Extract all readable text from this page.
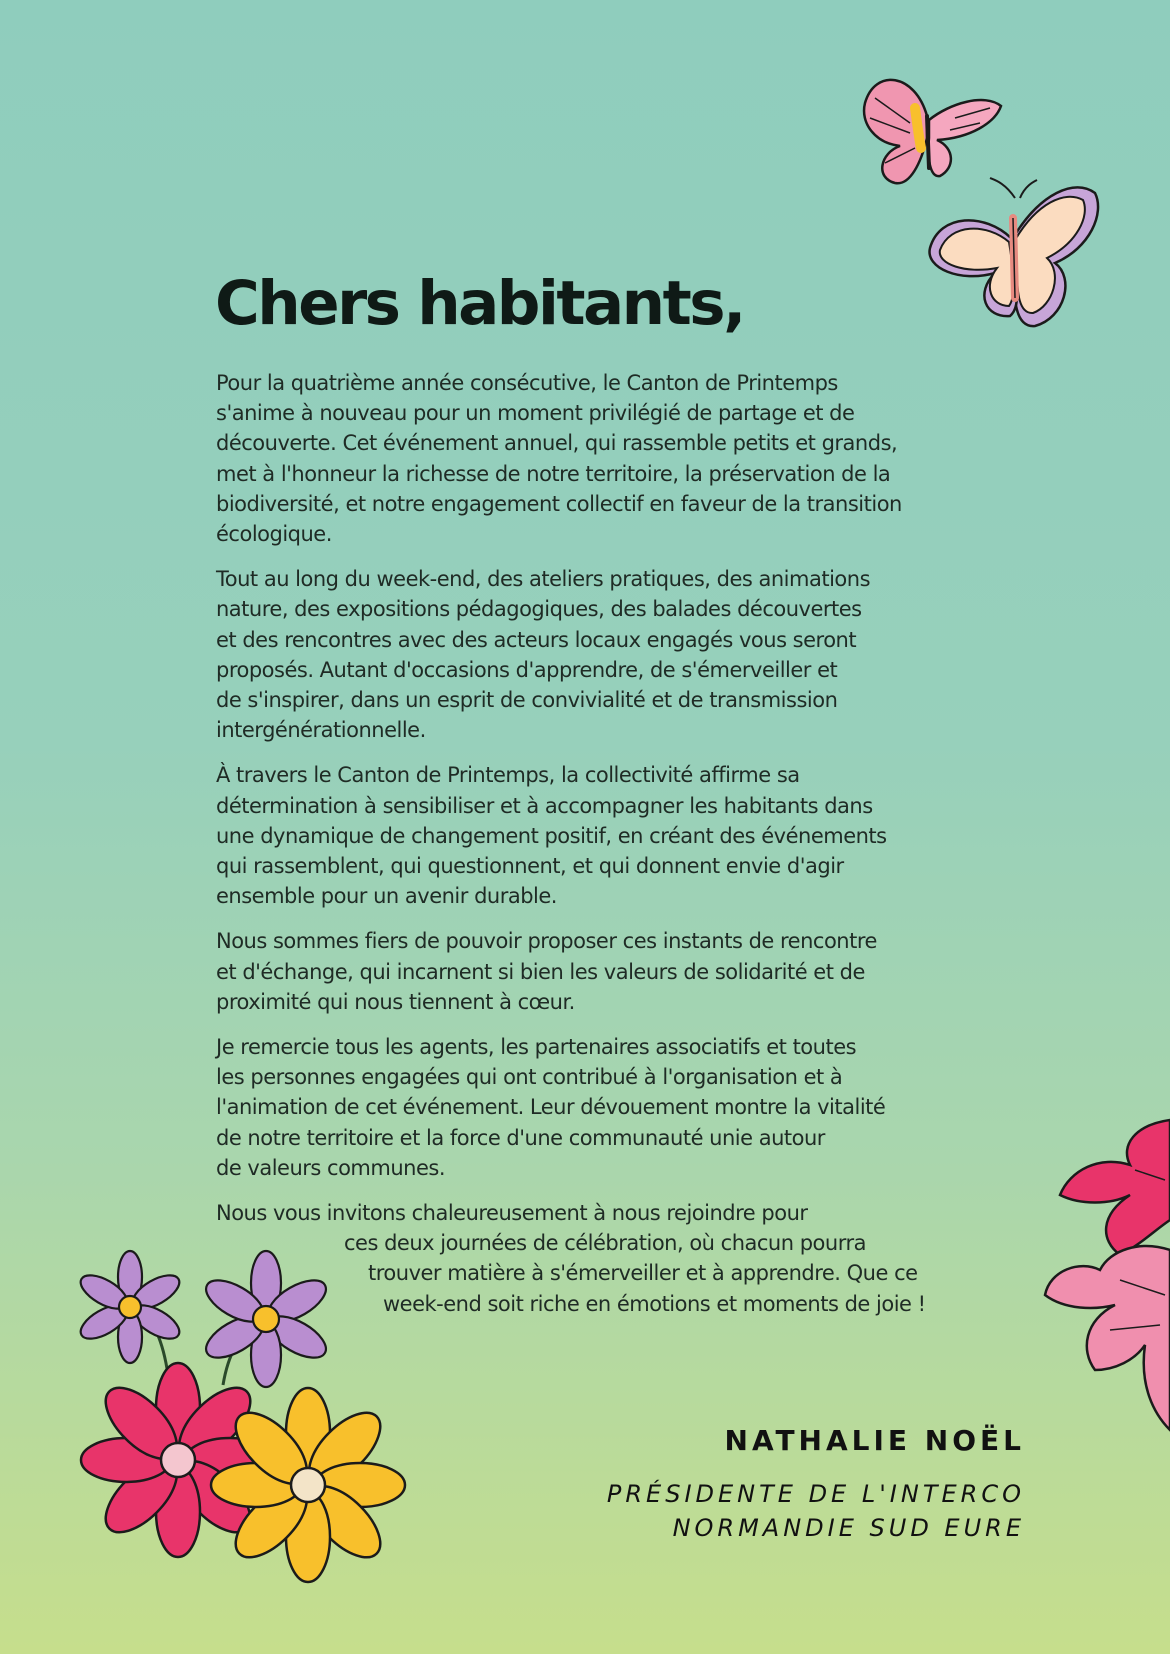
Chers habitants,

Pour la quatrième année consécutive, le Canton de Printemps
s'anime à nouveau pour un moment privilégié de partage et de
découverte. Cet événement annuel, qui rassemble petits et grands,
met à l'honneur la richesse de notre territoire, la préservation de la
biodiversité, et notre engagement collectif en faveur de la transition
écologique.

Tout au long du week-end, des ateliers pratiques, des animations
nature, des expositions pédagogiques, des balades découvertes
et des rencontres avec des acteurs locaux engagés vous seront
proposés. Autant d'occasions d'apprendre, de s'émerveiller et
de s'inspirer, dans un esprit de convivialité et de transmission
intergénérationnelle.

À travers le Canton de Printemps, la collectivité affirme sa
détermination à sensibiliser et à accompagner les habitants dans
une dynamique de changement positif, en créant des événements
qui rassemblent, qui questionnent, et qui donnent envie d'agir
ensemble pour un avenir durable.

Nous sommes fiers de pouvoir proposer ces instants de rencontre
et d'échange, qui incarnent si bien les valeurs de solidarité et de
proximité qui nous tiennent à cœur.

Je remercie tous les agents, les partenaires associatifs et toutes
les personnes engagées qui ont contribué à l'organisation et à
l'animation de cet événement. Leur dévouement montre la vitalité
de notre territoire et la force d'une communauté unie autour
de valeurs communes.

Nous vous invitons chaleureusement à nous rejoindre pour
ces deux journées de célébration, où chacun pourra
trouver matière à s'émerveiller et à apprendre. Que ce
week-end soit riche en émotions et moments de joie !

NATHALIE NOËL
PRÉSIDENTE DE L'INTERCO
NORMANDIE SUD EURE
